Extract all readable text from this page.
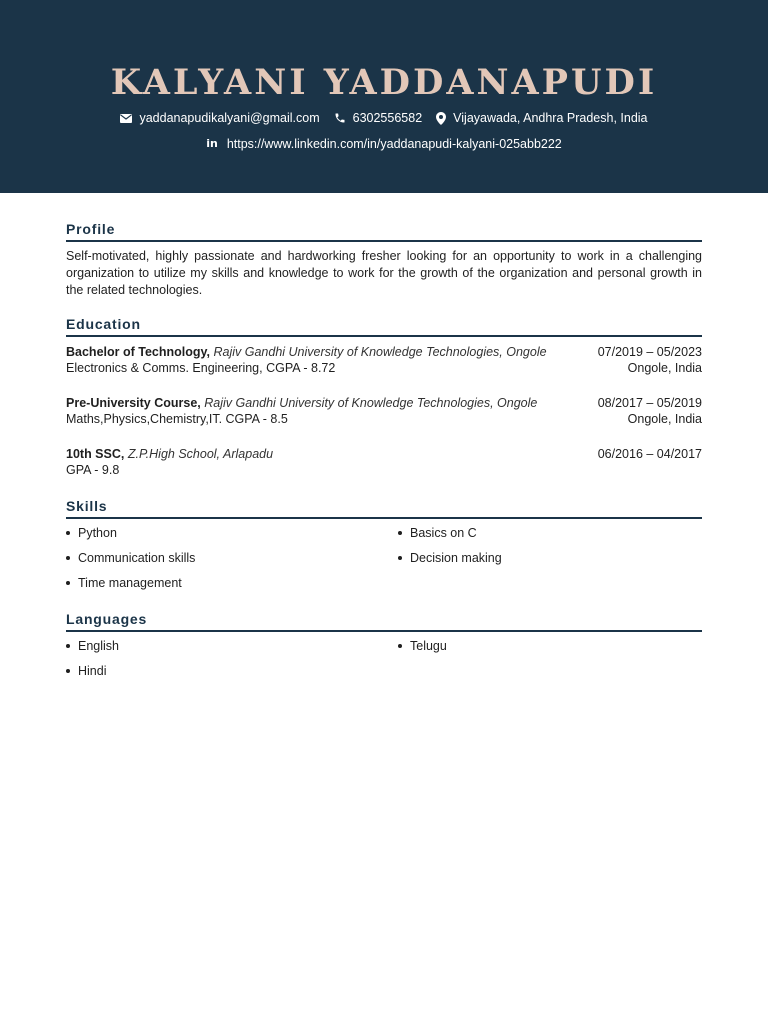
KALYANI YADDANAPUDI
yaddanapudikalyani@gmail.com	6302556582 Vijayawada, Andhra Pradesh, India
in https://www.linkedin.com/in/yaddanapudi-kalyani-025abb222
Profile
Self-motivated, highly passionate and hardworking fresher looking for an opportunity to work in a challenging organization to utilize my skills and knowledge to work for the growth of the organization and personal growth in the related technologies.
Education
Bachelor of Technology, Rajiv Gandhi University of Knowledge Technologies, Ongole
Electronics & Comms. Engineering, CGPA - 8.72
07/2019 – 05/2023
Ongole, India
Pre-University Course, Rajiv Gandhi University of Knowledge Technologies, Ongole
Maths,Physics,Chemistry,IT. CGPA - 8.5
08/2017 – 05/2019
Ongole, India
10th SSC, Z.P.High School, Arlapadu
GPA - 9.8
06/2016 – 04/2017
Skills
Python	Basics on C
Communication skills	Decision making
Time management
Languages
English	Telugu
Hindi
